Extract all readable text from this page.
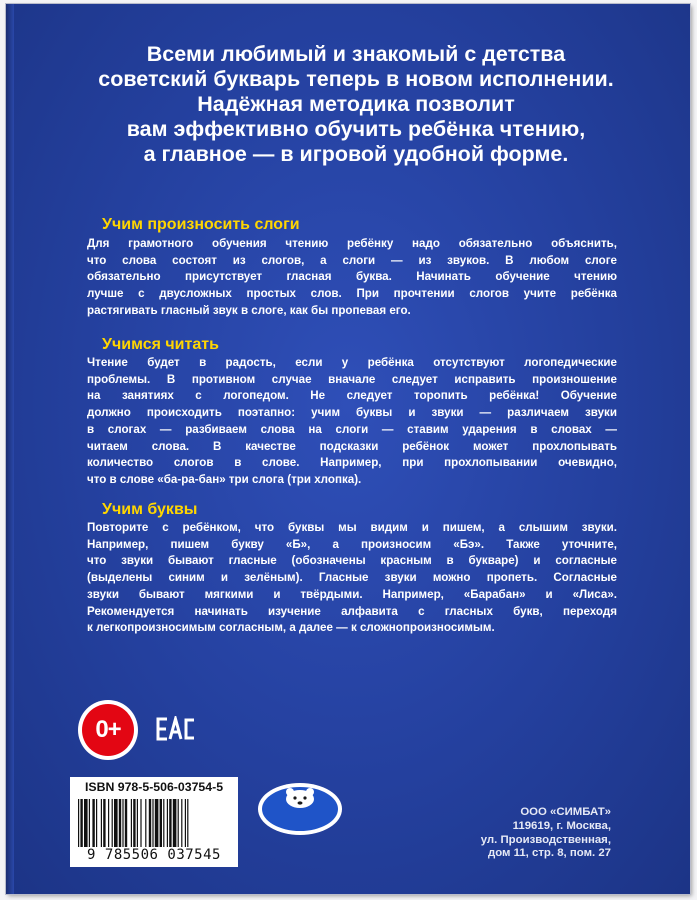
Всеми любимый и знакомый с детства
советский букварь теперь в новом исполнении.
Надёжная методика позволит
вам эффективно обучить ребёнка чтению,
а главное — в игровой удобной форме.
Учим произносить слоги
Для грамотного обучения чтению ребёнку надо обязательно объяснить,
что слова состоят из слогов, а слоги — из звуков. В любом слоге
обязательно присутствует гласная буква. Начинать обучение чтению
лучше с двусложных простых слов. При прочтении слогов учите ребёнка
растягивать гласный звук в слоге, как бы пропевая его.
Учимся читать
Чтение будет в радость, если у ребёнка отсутствуют логопедические
проблемы. В противном случае вначале следует исправить произношение
на занятиях с логопедом. Не следует торопить ребёнка! Обучение
должно происходить поэтапно: учим буквы и звуки — различаем звуки
в слогах — разбиваем слова на слоги — ставим ударения в словах —
читаем слова. В качестве подсказки ребёнок может прохлопывать
количество слогов в слове. Например, при прохлопывании очевидно,
что в слове «ба-ра-бан» три слога (три хлопка).
Учим буквы
Повторите с ребёнком, что буквы мы видим и пишем, а слышим звуки.
Например, пишем букву «Б», а произносим «Бэ». Также уточните,
что звуки бывают гласные (обозначены красным в букваре) и согласные
(выделены синим и зелёным). Гласные звуки можно пропеть. Согласные
звуки бывают мягкими и твёрдыми. Например, «Барабан» и «Лиса».
Рекомендуется начинать изучение алфавита с гласных букв, переходя
к легкопроизносимым согласным, а далее — к сложнопроизносимым.
0+
ISBN 978-5-506-03754-5
9 785506 037545
ООО «СИМБАТ»
119619, г. Москва,
ул. Производственная,
дом 11, стр. 8, пом. 27
